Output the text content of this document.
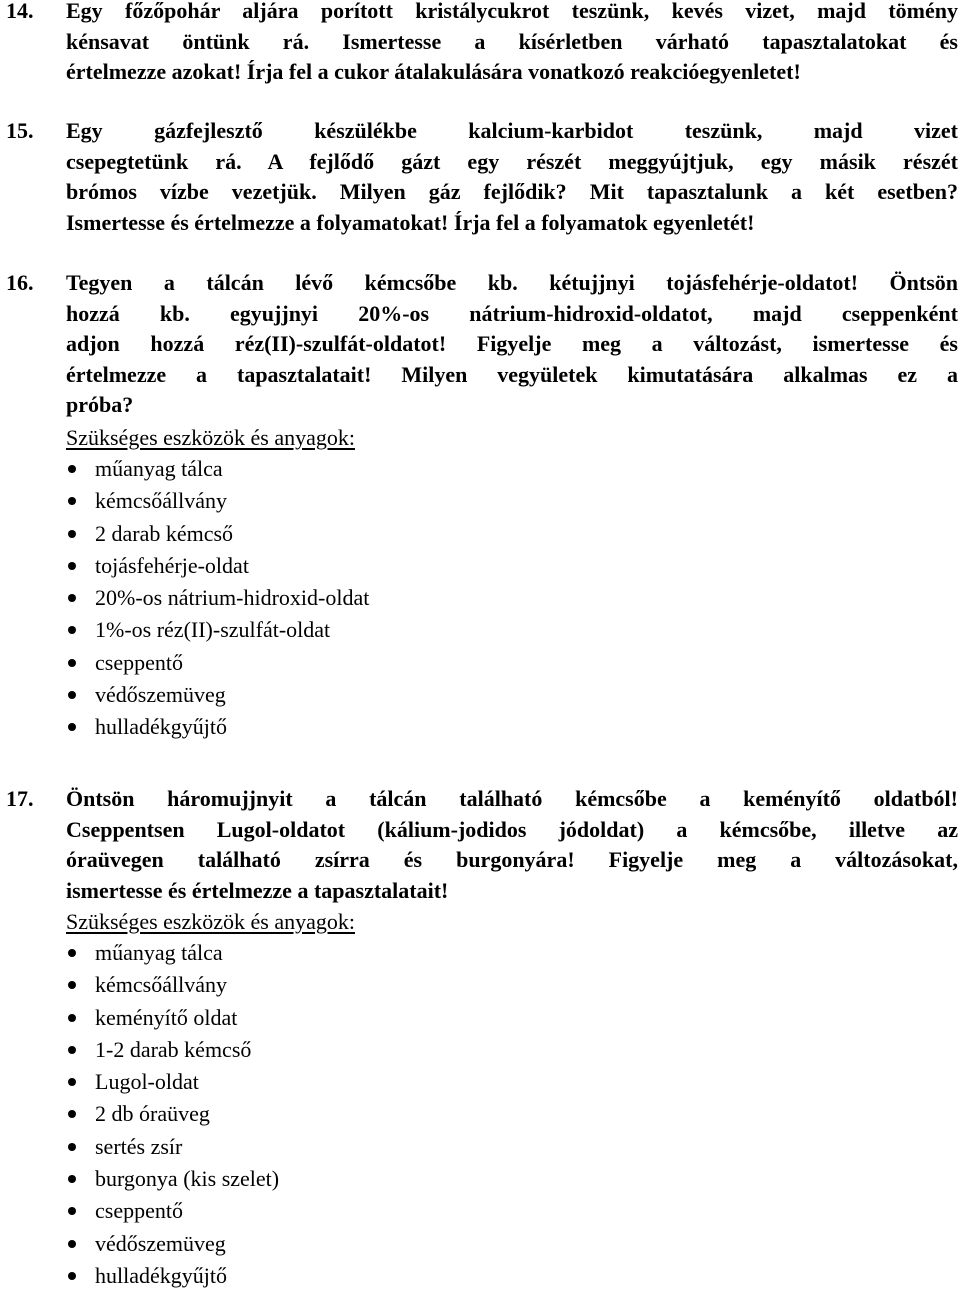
14. Egy főzőpohár aljára porított kristálycukrot teszünk, kevés vizet, majd tömény
kénsavat öntünk rá. Ismertesse a kísérletben várható tapasztalatokat és
értelmezze azokat! Írja fel a cukor átalakulására vonatkozó reakcióegyenletet!
15. Egy gázfejlesztő készülékbe kalcium-karbidot teszünk, majd vizet
csepegtetünk rá. A fejlődő gázt egy részét meggyújtjuk, egy másik részét
brómos vízbe vezetjük. Milyen gáz fejlődik? Mit tapasztalunk a két esetben?
Ismertesse és értelmezze a folyamatokat! Írja fel a folyamatok egyenletét!
16. Tegyen a tálcán lévő kémcsőbe kb. kétujjnyi tojásfehérje-oldatot! Öntsön
hozzá kb. egyujjnyi 20%-os nátrium-hidroxid-oldatot, majd cseppenként
adjon hozzá réz(II)-szulfát-oldatot! Figyelje meg a változást, ismertesse és
értelmezze a tapasztalatait! Milyen vegyületek kimutatására alkalmas ez a
próba?
Szükséges eszközök és anyagok:
műanyag tálca
kémcsőállvány
2 darab kémcső
tojásfehérje-oldat
20%-os nátrium-hidroxid-oldat
1%-os réz(II)-szulfát-oldat
cseppentő
védőszemüveg
hulladékgyűjtő
17. Öntsön háromujjnyit a tálcán található kémcsőbe a keményítő oldatból!
Cseppentsen Lugol-oldatot (kálium-jodidos jódoldat) a kémcsőbe, illetve az
óraüvegen található zsírra és burgonyára! Figyelje meg a változásokat,
ismertesse és értelmezze a tapasztalatait!
Szükséges eszközök és anyagok:
műanyag tálca
kémcsőállvány
keményítő oldat
1-2 darab kémcső
Lugol-oldat
2 db óraüveg
sertés zsír
burgonya (kis szelet)
cseppentő
védőszemüveg
hulladékgyűjtő
